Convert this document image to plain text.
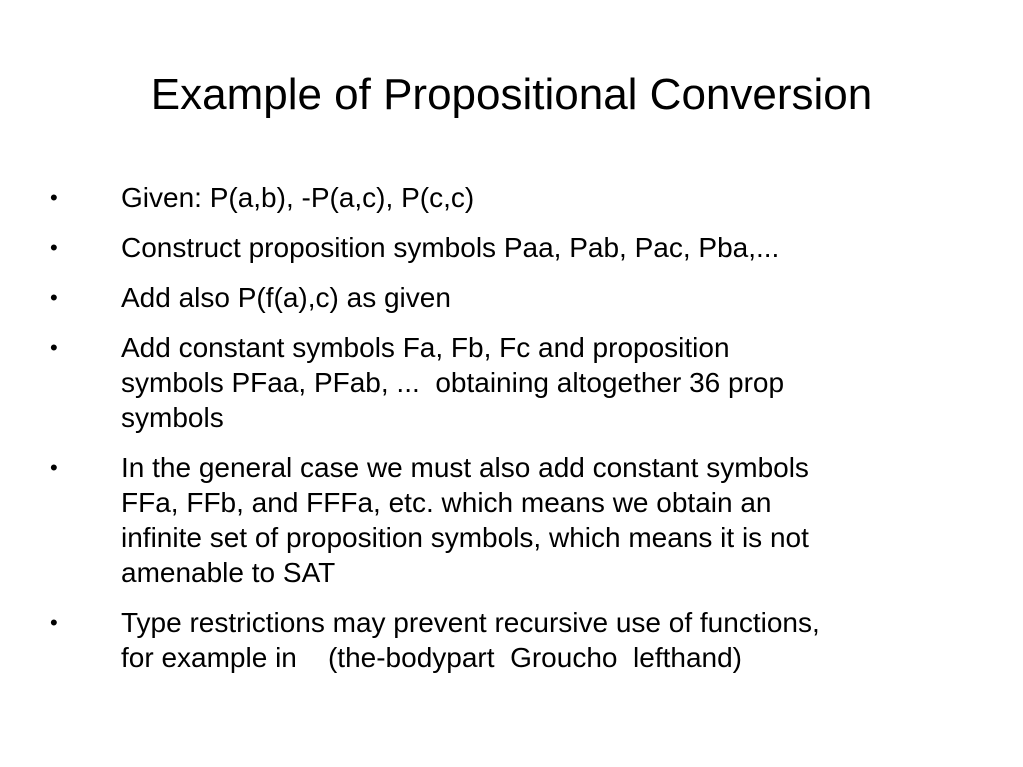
Example of Propositional Conversion
•	Given: P(a,b), -P(a,c), P(c,c)
•	Construct proposition symbols Paa, Pab, Pac, Pba,...
•	Add also P(f(a),c) as given
•	Add constant symbols Fa, Fb, Fc and proposition
symbols PFaa, PFab, ...  obtaining altogether 36 prop
symbols
•	In the general case we must also add constant symbols
FFa, FFb, and FFFa, etc. which means we obtain an
infinite set of proposition symbols, which means it is not
amenable to SAT
•	Type restrictions may prevent recursive use of functions,
for example in    (the-bodypart  Groucho  lefthand)
